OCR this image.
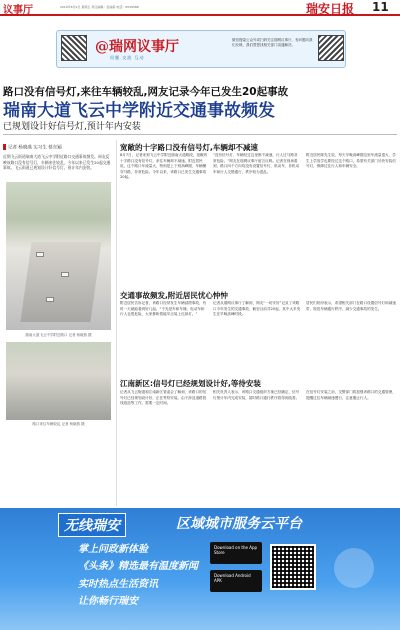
议事厅	2019年8月9日 星期五 责任编辑：金丽娟 电话：6539588	瑞安日报 11
@瑞网议事厅
问题 交流 互动
微信搜索公众号或扫码关注瑞网议事厅，有问题向我们反映，我们帮您找相关部门沟通解决。
路口没有信号灯,来往车辆较乱,网友记录今年已发生20起事故
瑞南大道飞云中学附近交通事故频发
已规划设计好信号灯,预计年内安装
记者 杨晓燕 实习生 蔡东颖
近期飞云街道瑞南大道飞云中学附近路口交通事故频发。网友反映该路口没有信号灯，车辆来往较乱，今年以来已发生20起交通事故。飞云街道已规划设计好信号灯，预计年内安装。
瑞南大道飞云中学附近路口 记者 杨晓燕 摄
路口来往车辆较乱 记者 杨晓燕 摄
宽敞的十字路口没有信号灯,车辆却不减速
8月7日，记者来到飞云中学附近瑞南大道路段，宽敞的十字路口没有信号灯，来往车辆却不减速。附近居民说，这个路口车流量大，特别是上下班高峰期，车辆横穿马路，非常危险。今年以来，该路口已发生交通事故20起。
“没有信号灯，车辆经过这里都不减速，行人过马路非常危险。”网友在瑞网议事厅留言反映。记者在现场看到，路口四个方向均没有设置信号灯，机动车、非机动车和行人交错通行，秩序较为混乱。
附近居民陈先生说，每天早晚高峰期这里车流量很大，学生上学放学也要经过这个路口，希望有关部门尽快安装信号灯，保障过往行人和车辆安全。
交通事故频发,附近居民忧心忡忡
附近居民告诉记者，该路口经常发生车辆刮擦事故，有时一天就能看到好几起。“不光是车和车撞，电动车和行人也很危险，大家都盼着能早点装上红绿灯。”
记者从瑞网议事厅了解到，网友“一切安好”记录了该路口今年发生的交通事故，截至目前共20起，其中大多发生在早晚高峰时段。
居民们纷纷表示，希望相关部门在路口设置信号灯和减速带，规范车辆通行秩序，减少交通事故的发生。
江南新区:信号灯已经规划设计好,等待安装
记者从飞云街道和江南新区管委会了解到，该路口的信号灯已经规划设计好，正在等待安装。由于涉及道路管线改造等工作，需要一定时间。
相关负责人表示，该路口交通组织方案已经确定，信号灯预计年内完成安装，届时路口通行秩序将得到改善。
在信号灯安装之前，交警部门将加强该路口的交通管理，提醒过往车辆减速慢行，注意避让行人。
无线瑞安	区域城市服务云平台
掌上问政新体验
《头条》精选最有温度新闻
实时热点生活资讯
让你畅行瑞安
Download on the App Store
Download Android APK
